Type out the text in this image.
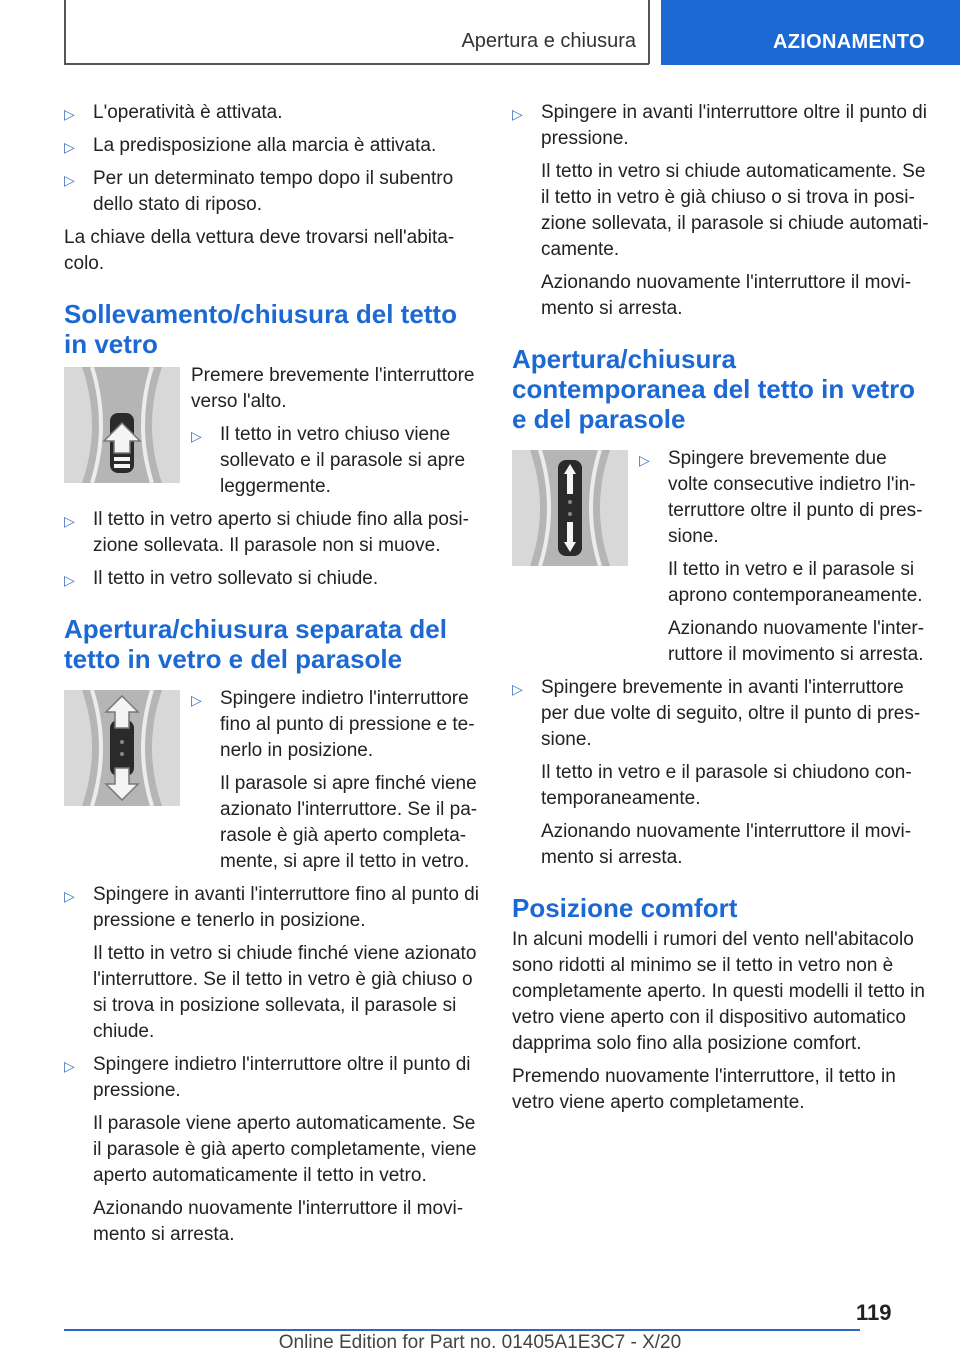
Apertura e chiusura	AZIONAMENTO
▷ L'operatività è attivata.

▷ La predisposizione alla marcia è attivata.

▷ Per un determinato tempo dopo il subentro dello stato di riposo.

La chiave della vettura deve trovarsi nell'abitacolo.

Sollevamento/chiusura del tetto in vetro

Premere brevemente l'interruttore verso l'alto.

▷ Il tetto in vetro chiuso viene sollevato e il parasole si apre leggermente.

▷ Il tetto in vetro aperto si chiude fino alla posizione sollevata. Il parasole non si muove.

▷ Il tetto in vetro sollevato si chiude.

Apertura/chiusura separata del tetto in vetro e del parasole
▷ Spingere indietro l'interruttore fino al punto di pressione e tenerlo in posizione.

Il parasole si apre finché viene azionato l'interruttore. Se il parasole è già aperto completamente, si apre il tetto in vetro.

▷ Spingere in avanti l'interruttore fino al punto di pressione e tenerlo in posizione.

Il tetto in vetro si chiude finché viene azionato l'interruttore. Se il tetto in vetro è già chiuso o si trova in posizione sollevata, il parasole si chiude.

▷ Spingere indietro l'interruttore oltre il punto di pressione.

Il parasole viene aperto automaticamente. Se il parasole è già aperto completamente, viene aperto automaticamente il tetto in vetro.

Azionando nuovamente l'interruttore il movimento si arresta.

▷ Spingere in avanti l'interruttore oltre il punto di pressione.

Il tetto in vetro si chiude automaticamente. Se il tetto in vetro è già chiuso o si trova in posizione sollevata, il parasole si chiude automaticamente.

Azionando nuovamente l'interruttore il movimento si arresta.

Apertura/chiusura contemporanea del tetto in vetro e del parasole
▷ Spingere brevemente due volte consecutive indietro l'interruttore oltre il punto di pressione.

Il tetto in vetro e il parasole si aprono contemporaneamente.

Azionando nuovamente l'interruttore il movimento si arresta.

▷ Spingere brevemente in avanti l'interruttore per due volte di seguito, oltre il punto di pressione.

Il tetto in vetro e il parasole si chiudono contemporaneamente.

Azionando nuovamente l'interruttore il movimento si arresta.

Posizione comfort

In alcuni modelli i rumori del vento nell'abitacolo sono ridotti al minimo se il tetto in vetro non è completamente aperto. In questi modelli il tetto in vetro viene aperto con il dispositivo automatico dapprima solo fino alla posizione comfort.

Premendo nuovamente l'interruttore, il tetto in vetro viene aperto completamente.

119
Online Edition for Part no. 01405A1E3C7 - X/20
